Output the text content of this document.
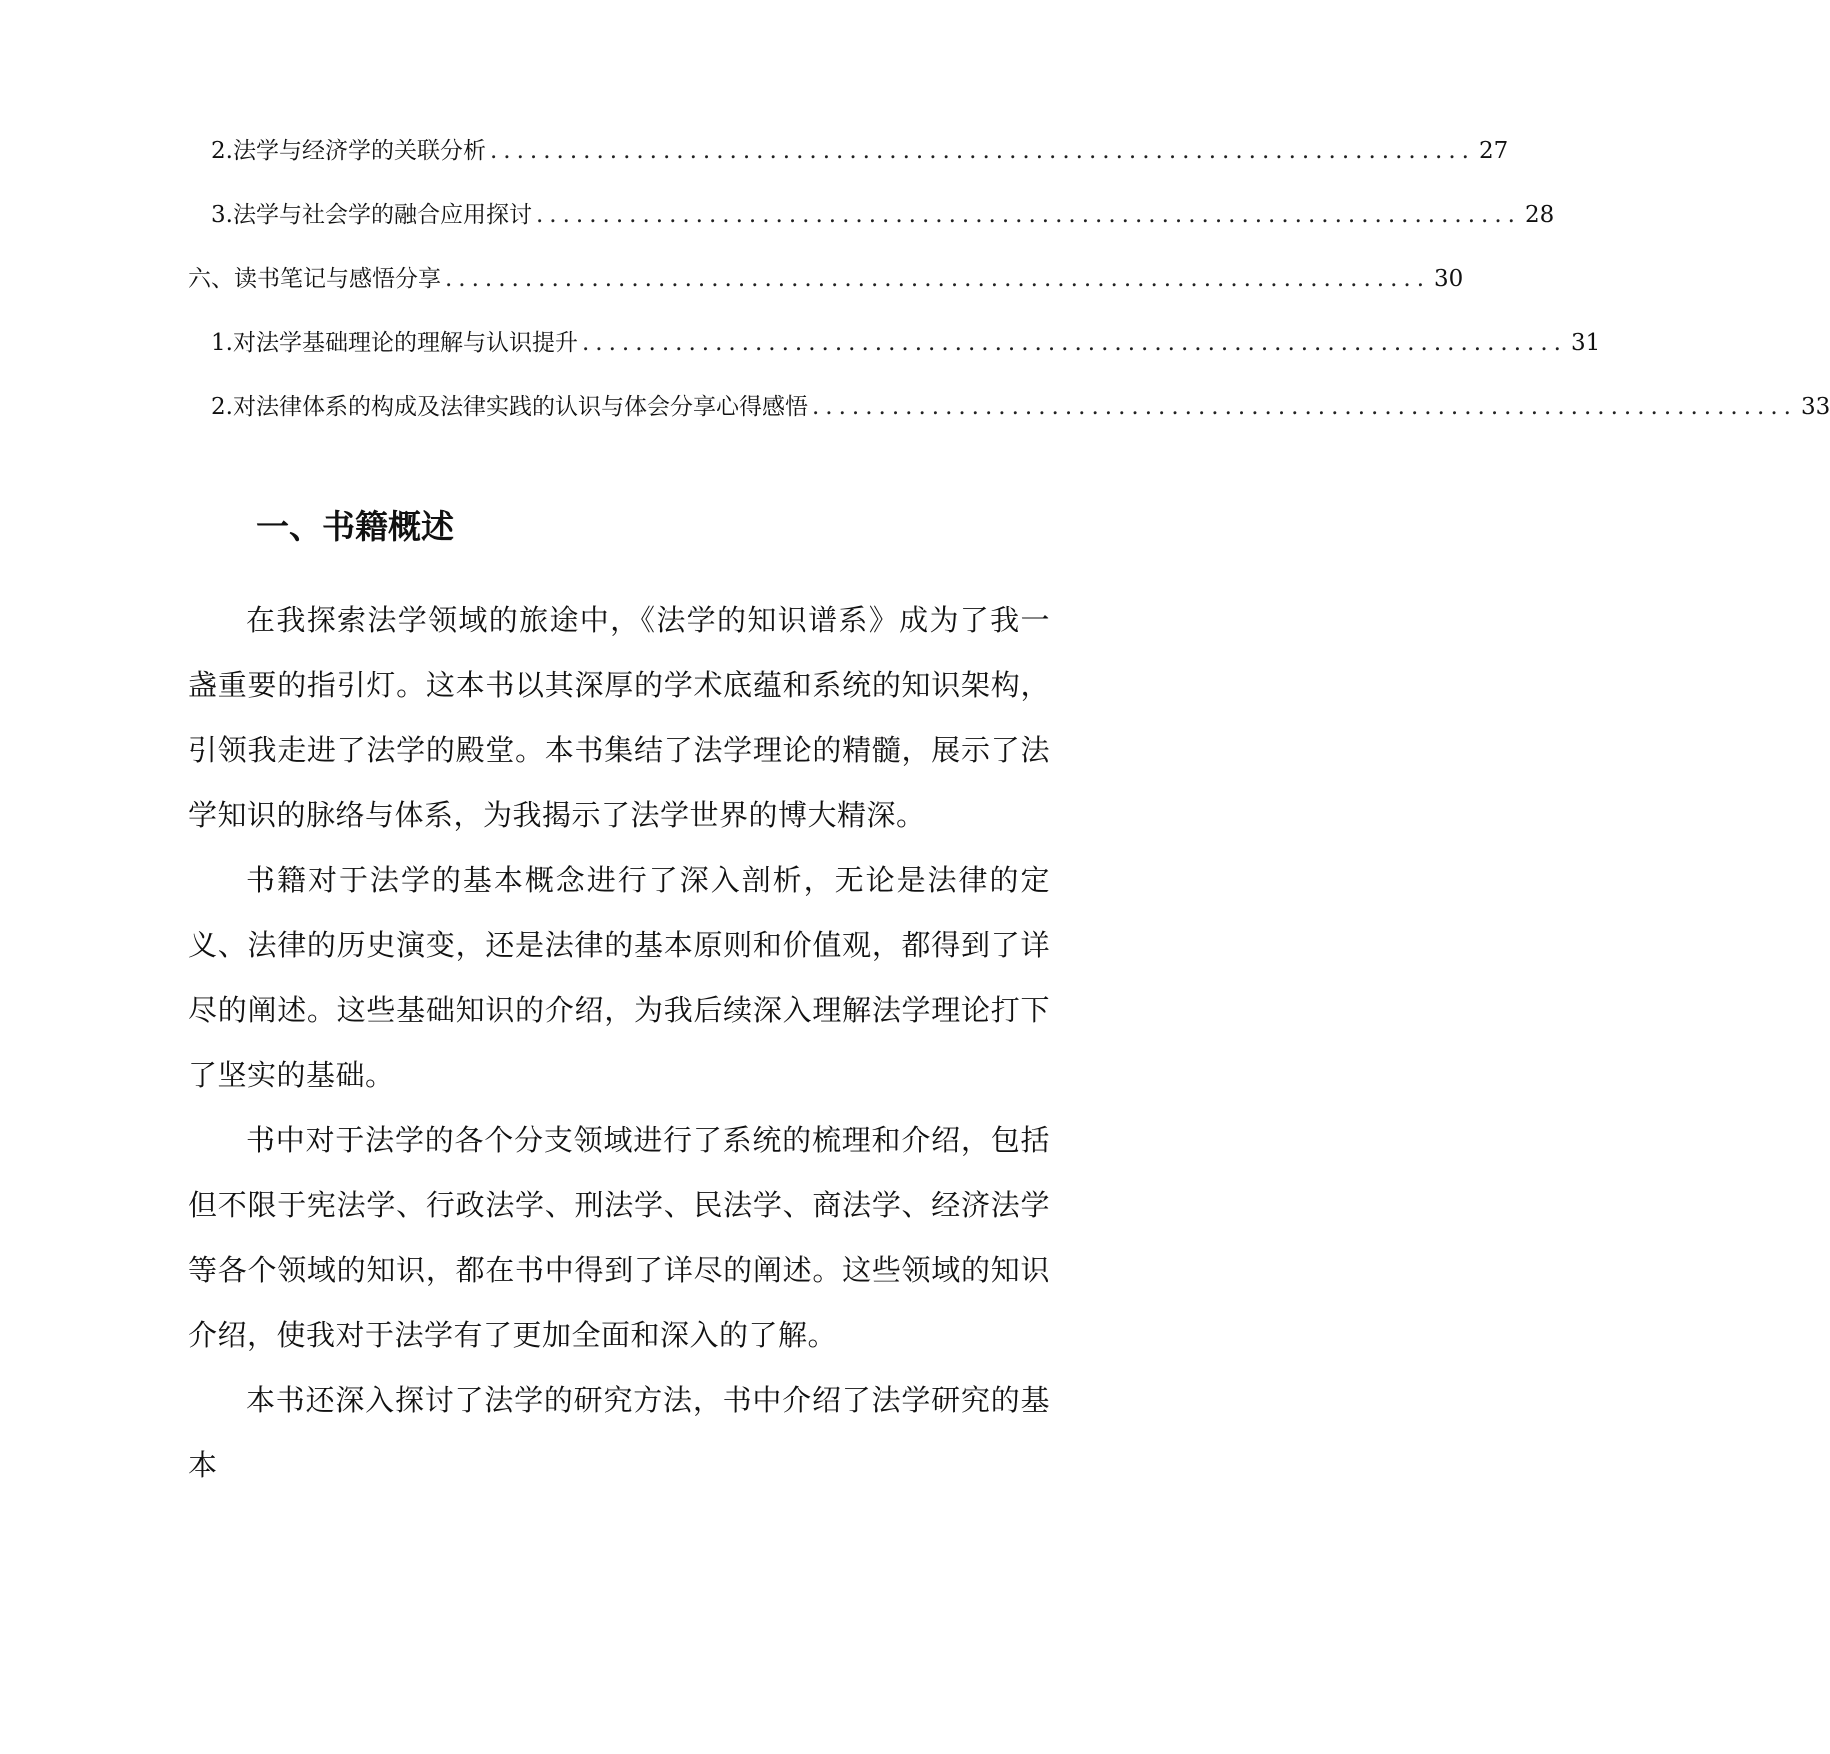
2. 法学与经济学的关联分析 .......................................................................... 27
3. 法学与社会学的融合应用探讨 .......................................................................... 28
六、读书笔记与感悟分享 .......................................................................... 30
1. 对法学基础理论的理解与认识提升 .......................................................................... 31
2. 对法律体系的构成及法律实践的认识与体会分享心得感悟 .......................................................................... 33
一、书籍概述

在我探索法学领域的旅途中，《法学的知识谱系》成为了我一盏重要的指引灯。这本书以其深厚的学术底蕴和系统的知识架构，引领我走进了法学的殿堂。本书集结了法学理论的精髓，展示了法学知识的脉络与体系，为我揭示了法学世界的博大精深。

书籍对于法学的基本概念进行了深入剖析，无论是法律的定义、法律的历史演变，还是法律的基本原则和价值观，都得到了详尽的阐述。这些基础知识的介绍，为我后续深入理解法学理论打下了坚实的基础。

书中对于法学的各个分支领域进行了系统的梳理和介绍，包括但不限于宪法学、行政法学、刑法学、民法学、商法学、经济法学等各个领域的知识，都在书中得到了详尽的阐述。这些领域的知识介绍，使我对于法学有了更加全面和深入的了解。

本书还深入探讨了法学的研究方法，书中介绍了法学研究的基本
